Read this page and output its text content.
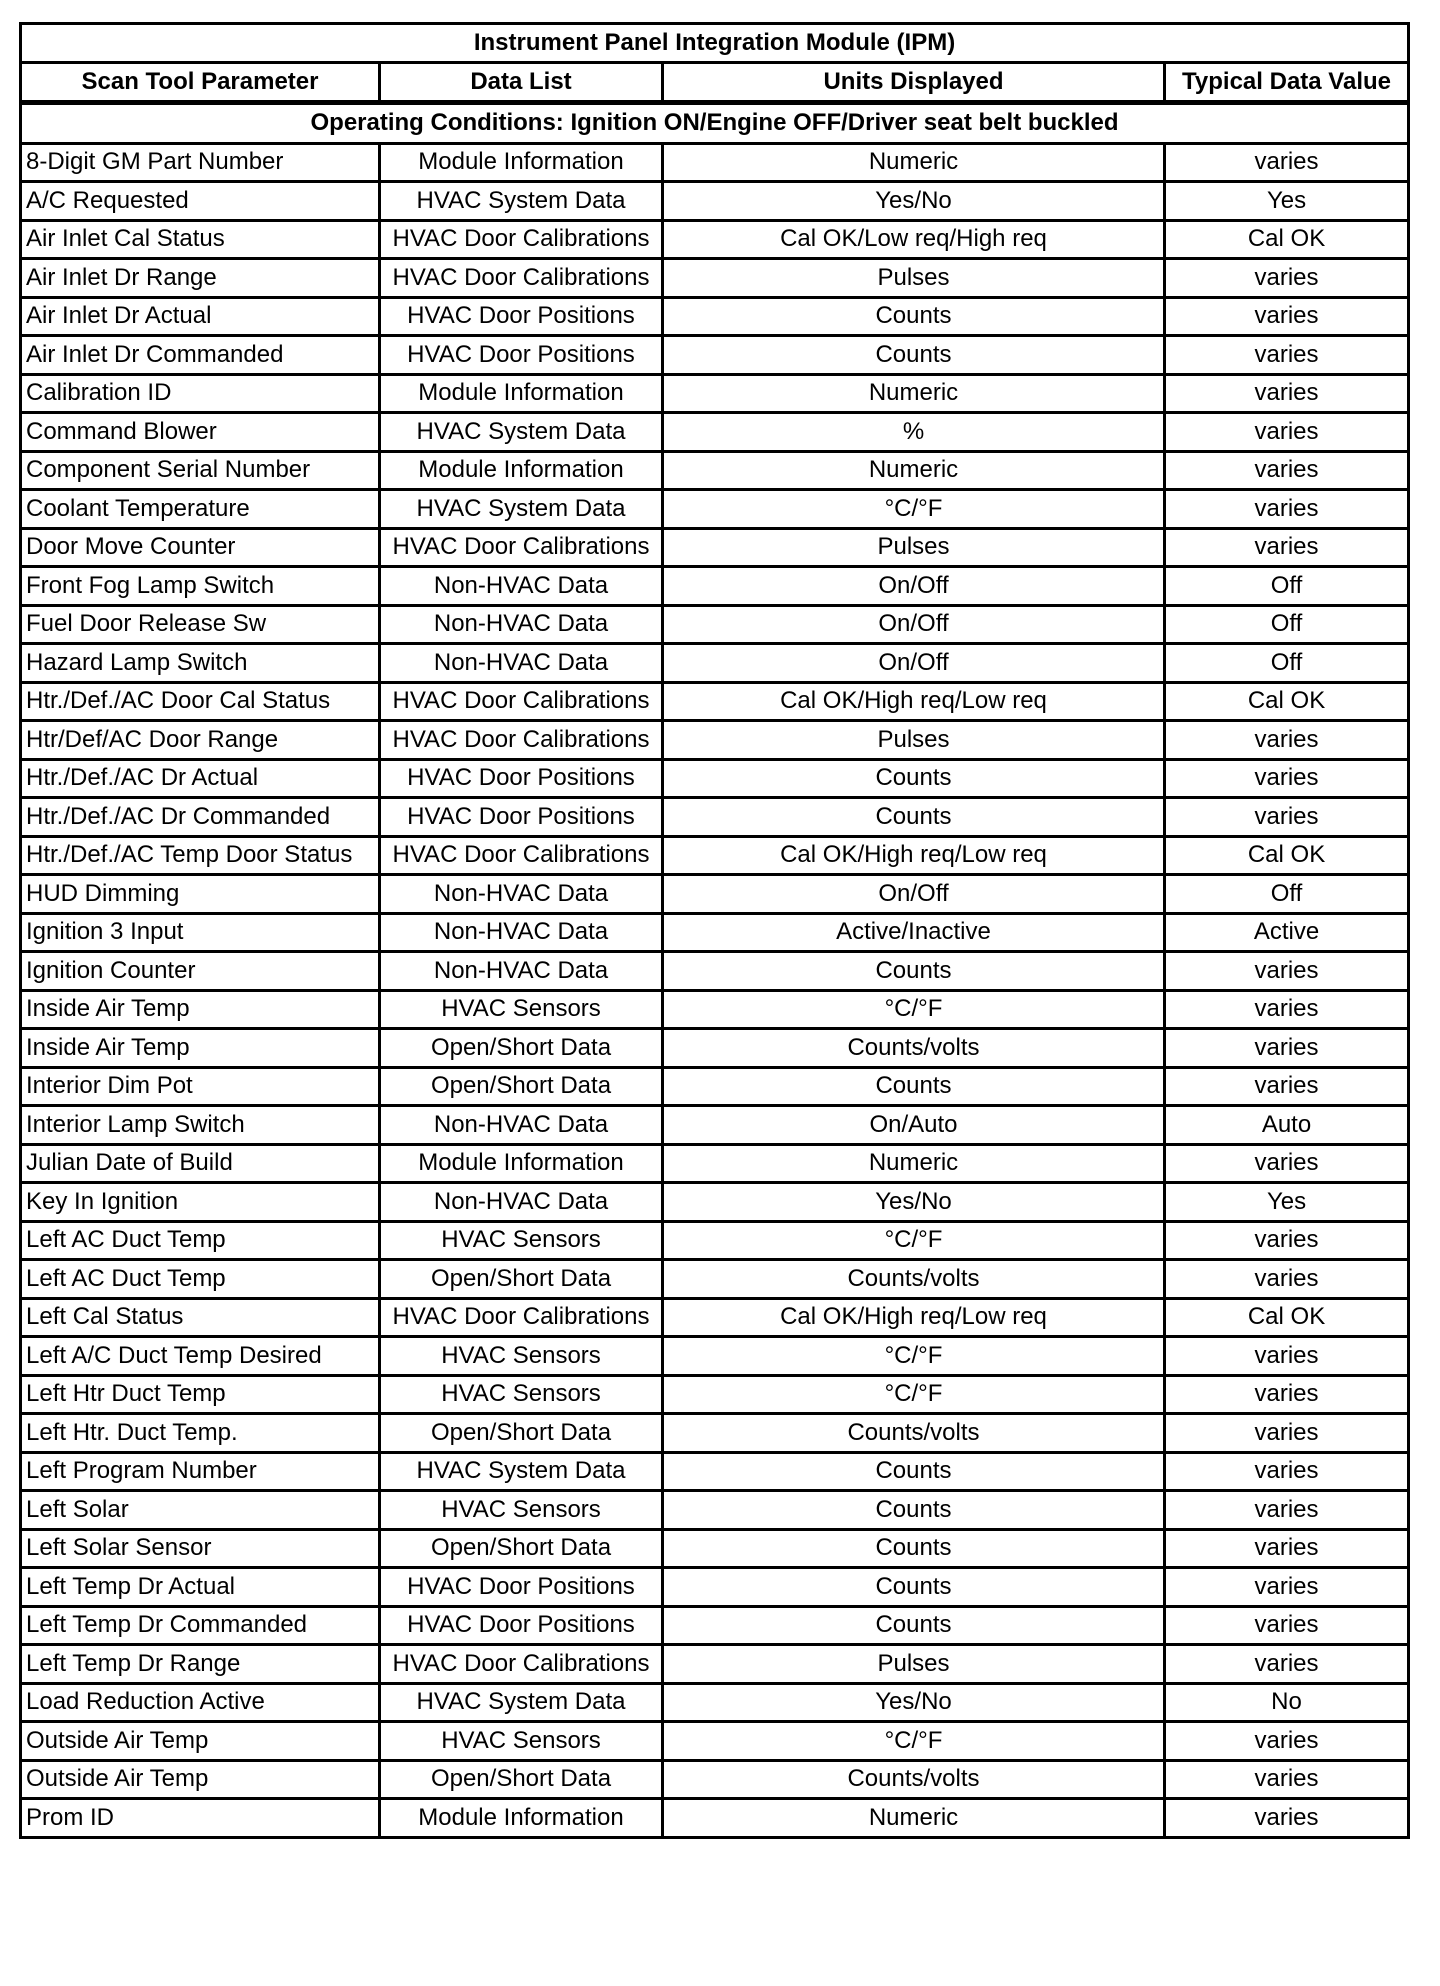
Instrument Panel Integration Module (IPM)			
Scan Tool Parameter	Data List	Units Displayed	Typical Data Value
Operating Conditions: Ignition ON/Engine OFF/Driver seat belt buckled			
8-Digit GM Part Number	Module Information	Numeric	varies
A/C Requested	HVAC System Data	Yes/No	Yes
Air Inlet Cal Status	HVAC Door Calibrations	Cal OK/Low req/High req	Cal OK
Air Inlet Dr Range	HVAC Door Calibrations	Pulses	varies
Air Inlet Dr Actual	HVAC Door Positions	Counts	varies
Air Inlet Dr Commanded	HVAC Door Positions	Counts	varies
Calibration ID	Module Information	Numeric	varies
Command Blower	HVAC System Data	%	varies
Component Serial Number	Module Information	Numeric	varies
Coolant Temperature	HVAC System Data	°C/°F	varies
Door Move Counter	HVAC Door Calibrations	Pulses	varies
Front Fog Lamp Switch	Non-HVAC Data	On/Off	Off
Fuel Door Release Sw	Non-HVAC Data	On/Off	Off
Hazard Lamp Switch	Non-HVAC Data	On/Off	Off
Htr./Def./AC Door Cal Status	HVAC Door Calibrations	Cal OK/High req/Low req	Cal OK
Htr/Def/AC Door Range	HVAC Door Calibrations	Pulses	varies
Htr./Def./AC Dr Actual	HVAC Door Positions	Counts	varies
Htr./Def./AC Dr Commanded	HVAC Door Positions	Counts	varies
Htr./Def./AC Temp Door Status	HVAC Door Calibrations	Cal OK/High req/Low req	Cal OK
HUD Dimming	Non-HVAC Data	On/Off	Off
Ignition 3 Input	Non-HVAC Data	Active/Inactive	Active
Ignition Counter	Non-HVAC Data	Counts	varies
Inside Air Temp	HVAC Sensors	°C/°F	varies
Inside Air Temp	Open/Short Data	Counts/volts	varies
Interior Dim Pot	Open/Short Data	Counts	varies
Interior Lamp Switch	Non-HVAC Data	On/Auto	Auto
Julian Date of Build	Module Information	Numeric	varies
Key In Ignition	Non-HVAC Data	Yes/No	Yes
Left AC Duct Temp	HVAC Sensors	°C/°F	varies
Left AC Duct Temp	Open/Short Data	Counts/volts	varies
Left Cal Status	HVAC Door Calibrations	Cal OK/High req/Low req	Cal OK
Left A/C Duct Temp Desired	HVAC Sensors	°C/°F	varies
Left Htr Duct Temp	HVAC Sensors	°C/°F	varies
Left Htr. Duct Temp.	Open/Short Data	Counts/volts	varies
Left Program Number	HVAC System Data	Counts	varies
Left Solar	HVAC Sensors	Counts	varies
Left Solar Sensor	Open/Short Data	Counts	varies
Left Temp Dr Actual	HVAC Door Positions	Counts	varies
Left Temp Dr Commanded	HVAC Door Positions	Counts	varies
Left Temp Dr Range	HVAC Door Calibrations	Pulses	varies
Load Reduction Active	HVAC System Data	Yes/No	No
Outside Air Temp	HVAC Sensors	°C/°F	varies
Outside Air Temp	Open/Short Data	Counts/volts	varies
Prom ID	Module Information	Numeric	varies
